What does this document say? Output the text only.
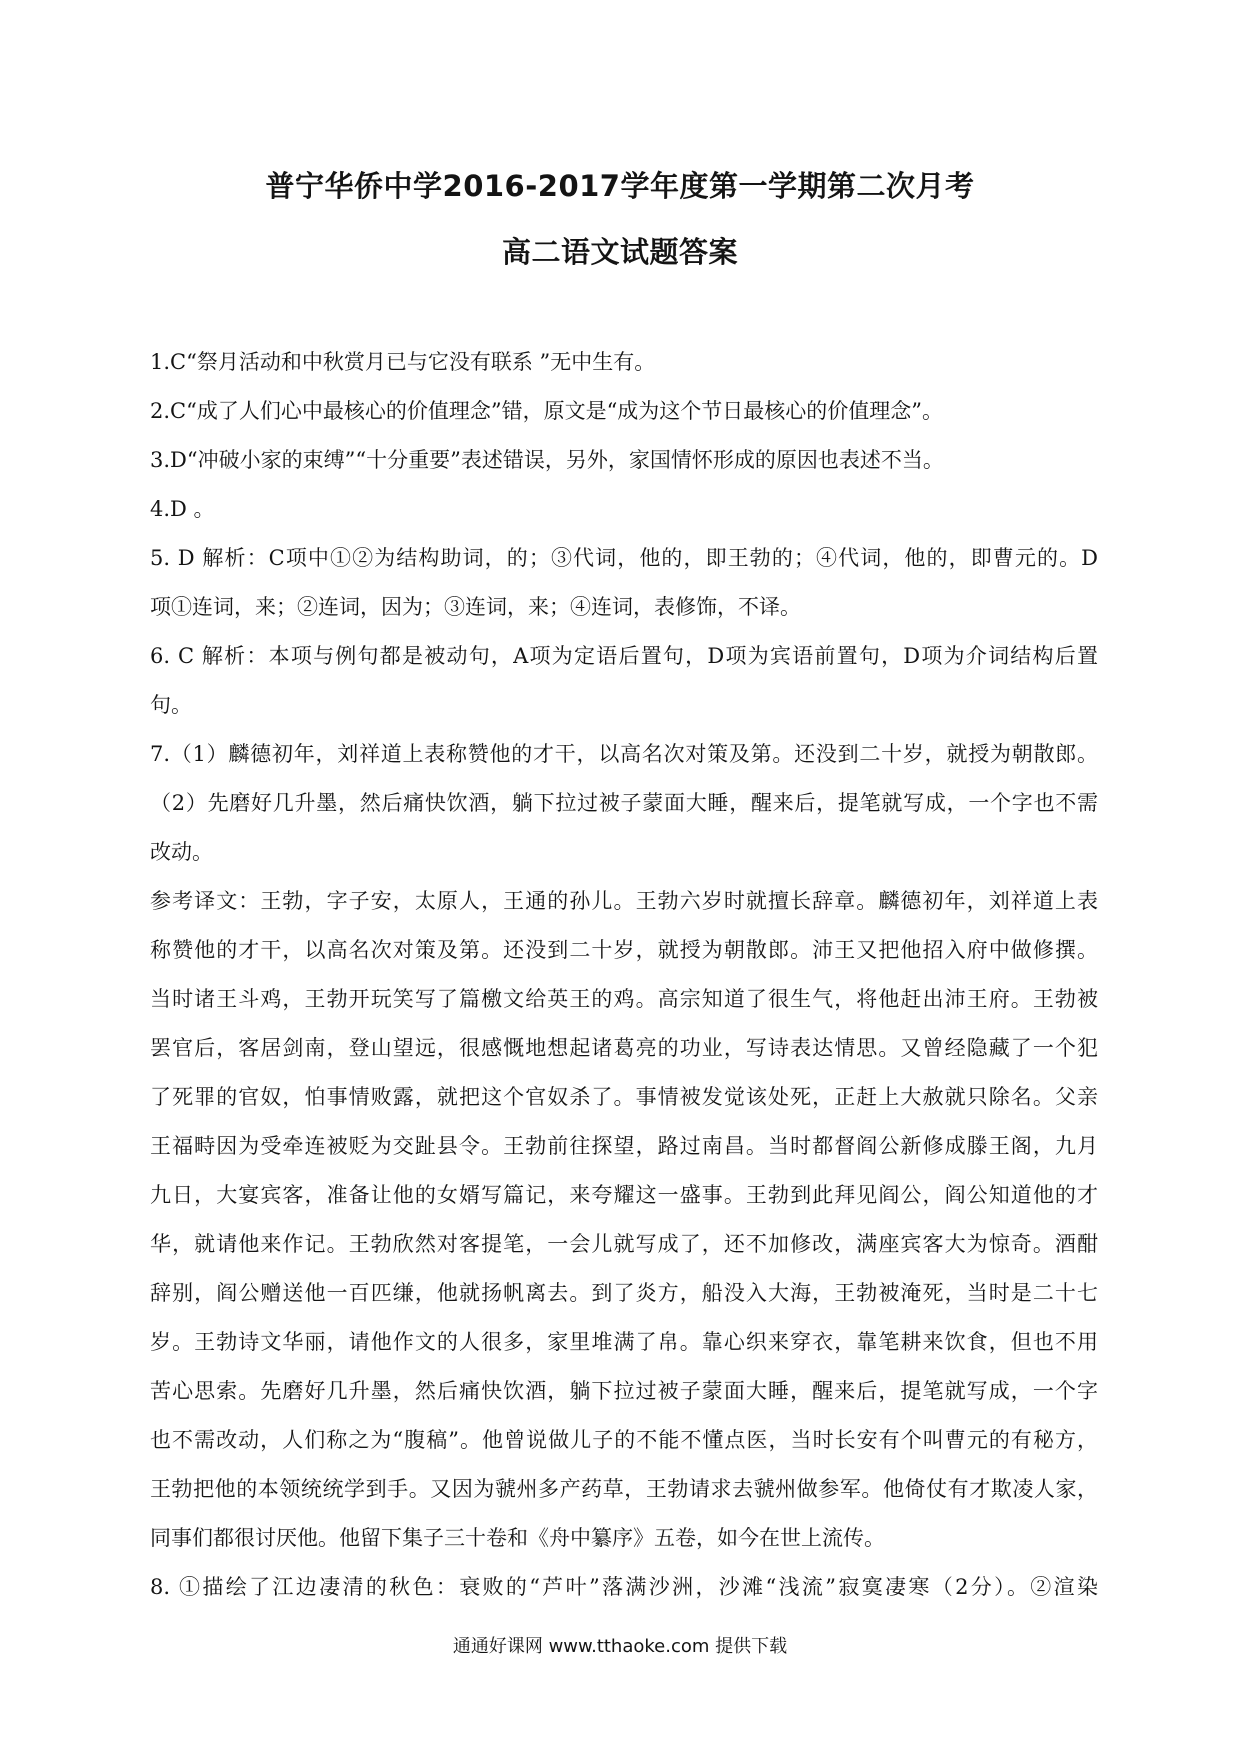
普宁华侨中学2016-2017学年度第一学期第二次月考
高二语文试题答案
1.C“祭月活动和中秋赏月已与它没有联系 ”无中生有。
2.C“成了人们心中最核心的价值理念”错，原文是“成为这个节日最核心的价值理念”。
3.D“冲破小家的束缚”“十分重要”表述错误，另外，家国情怀形成的原因也表述不当。
4.D 。
5. D 解析：C项中①②为结构助词，的；③代词，他的，即王勃的；④代词，他的，即曹元的。D
项①连词，来；②连词，因为；③连词，来；④连词，表修饰，不译。
6. C 解析：本项与例句都是被动句，A项为定语后置句，D项为宾语前置句，D项为介词结构后置
句。
7.（1）麟德初年，刘祥道上表称赞他的才干，以高名次对策及第。还没到二十岁，就授为朝散郎。
（2）先磨好几升墨，然后痛快饮酒，躺下拉过被子蒙面大睡，醒来后，提笔就写成，一个字也不需
改动。
参考译文：王勃，字子安，太原人，王通的孙儿。王勃六岁时就擅长辞章。麟德初年，刘祥道上表
称赞他的才干，以高名次对策及第。还没到二十岁，就授为朝散郎。沛王又把他招入府中做修撰。
当时诸王斗鸡，王勃开玩笑写了篇檄文给英王的鸡。高宗知道了很生气，将他赶出沛王府。王勃被
罢官后，客居剑南，登山望远，很感慨地想起诸葛亮的功业，写诗表达情思。又曾经隐藏了一个犯
了死罪的官奴，怕事情败露，就把这个官奴杀了。事情被发觉该处死，正赶上大赦就只除名。父亲
王福畤因为受牵连被贬为交趾县令。王勃前往探望，路过南昌。当时都督阎公新修成滕王阁，九月
九日，大宴宾客，准备让他的女婿写篇记，来夸耀这一盛事。王勃到此拜见阎公，阎公知道他的才
华，就请他来作记。王勃欣然对客提笔，一会儿就写成了，还不加修改，满座宾客大为惊奇。酒酣
辞别，阎公赠送他一百匹缣，他就扬帆离去。到了炎方，船没入大海，王勃被淹死，当时是二十七
岁。王勃诗文华丽，请他作文的人很多，家里堆满了帛。靠心织来穿衣，靠笔耕来饮食，但也不用
苦心思索。先磨好几升墨，然后痛快饮酒，躺下拉过被子蒙面大睡，醒来后，提笔就写成，一个字
也不需改动，人们称之为“腹稿”。他曾说做儿子的不能不懂点医，当时长安有个叫曹元的有秘方，
王勃把他的本领统统学到手。又因为虢州多产药草，王勃请求去虢州做参军。他倚仗有才欺凌人家，
同事们都很讨厌他。他留下集子三十卷和《舟中纂序》五卷，如今在世上流传。
8. ①描绘了江边凄清的秋色：衰败的“芦叶”落满沙洲，沙滩“浅流”寂寞凄寒（2分）。②渲染
通通好课网 www.tthaoke.com 提供下载
